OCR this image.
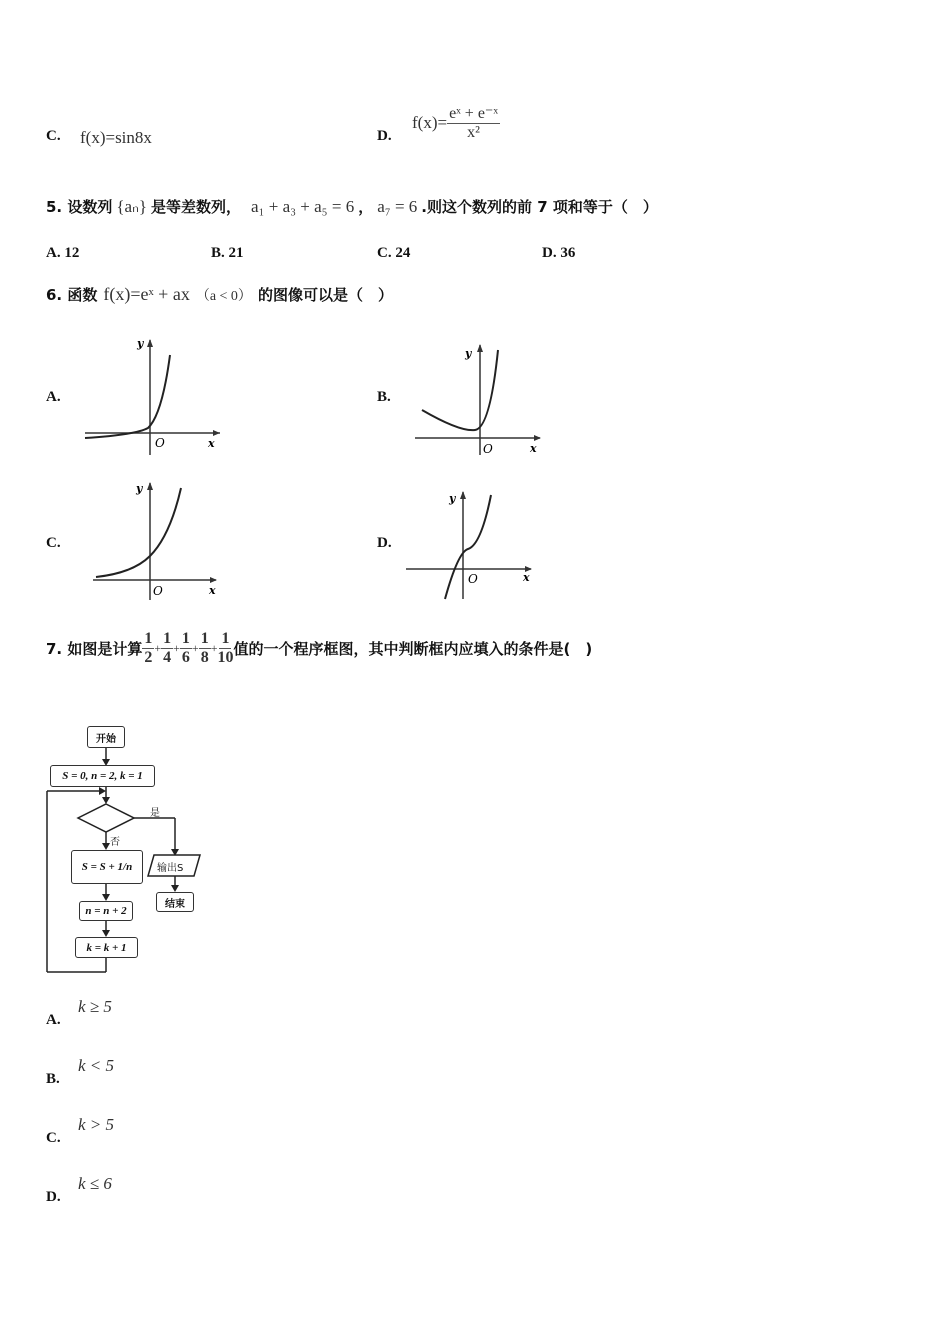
C. f(x)=sin8x	D.
$f(x)= \frac{\text{eˣ + e⁻ˣ}}{\text{x²}}$
5. 设数列 {aₙ} 是等差数列， a₁ + a₃ + a₅ = 6 ， a₇ = 6 .则这个数列的前 7 项和等于（　）
A. 12	B. 21	C. 24	D. 36
6. 函数 f(x)=eˣ + ax （a < 0） 的图像可以是（　）
A.	B.
C.	D.
y
O	x
y
O	x
y
O	x
y
O	x
7. 如图是计算 $\frac{1}{2} + \frac{1}{4} + \frac{1}{6} + \frac{1}{8} + \frac{1}{10}$ 值的一个程序框图，其中判断框内应填入的条件是(　)
开始
S = 0, n = 2, k = 1
是
否
S = S + 1/n	输出S
结束
n = n + 2
k = k + 1
A.
k ≥ 5
B.
k < 5
C.
k > 5
D.
k ≤ 6
